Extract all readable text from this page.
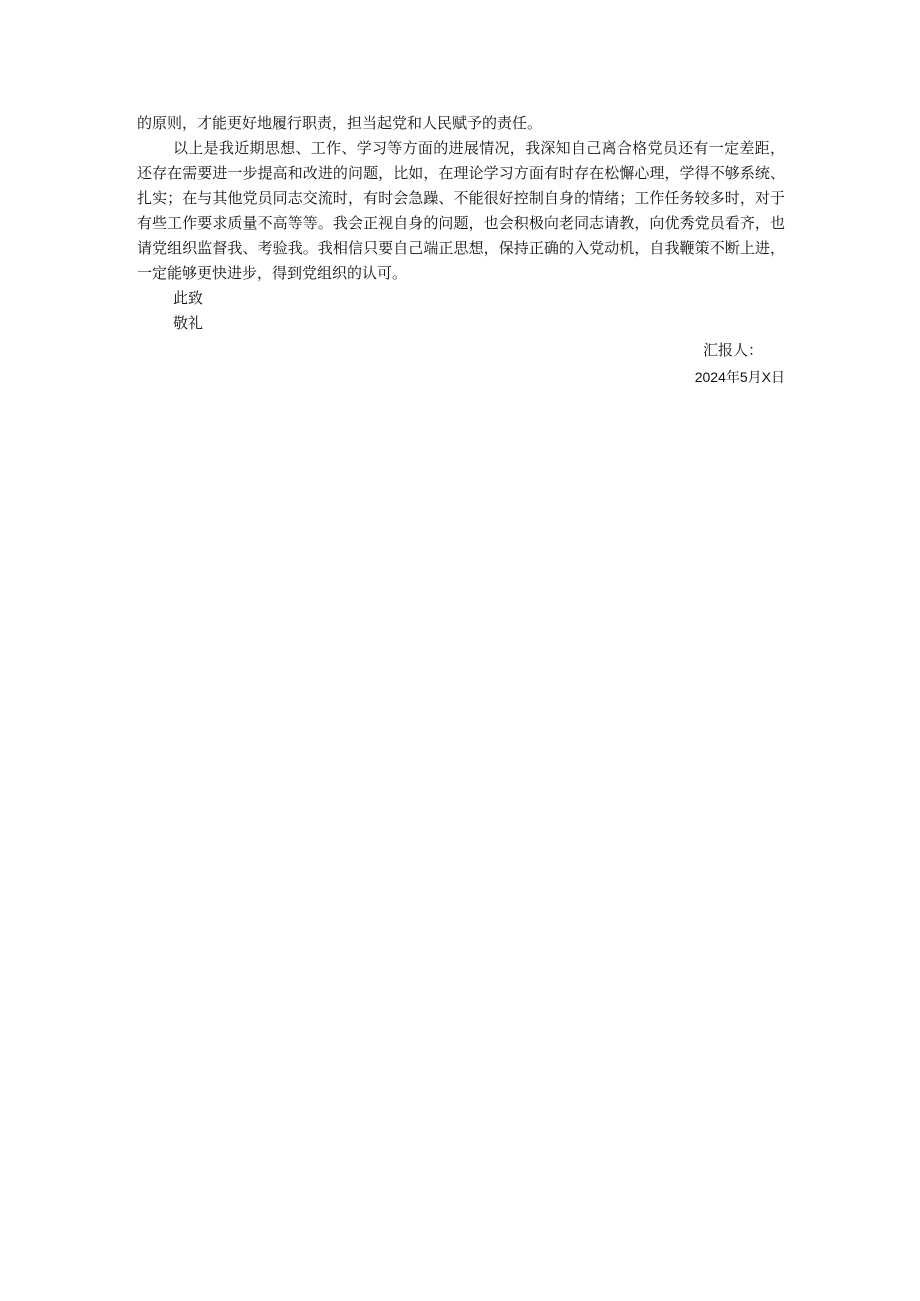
的原则，才能更好地履行职责，担当起党和人民赋予的责任。

以上是我近期思想、工作、学习等方面的进展情况，我深知自己离合格党员还有一定差距，还存在需要进一步提高和改进的问题，比如，在理论学习方面有时存在松懈心理，学得不够系统、扎实；在与其他党员同志交流时，有时会急躁、不能很好控制自身的情绪；工作任务较多时，对于有些工作要求质量不高等等。我会正视自身的问题，也会积极向老同志请教，向优秀党员看齐，也请党组织监督我、考验我。我相信只要自己端正思想，保持正确的入党动机，自我鞭策不断上进，一定能够更快进步，得到党组织的认可。

此致

敬礼

汇报人：

2024年5月X日
